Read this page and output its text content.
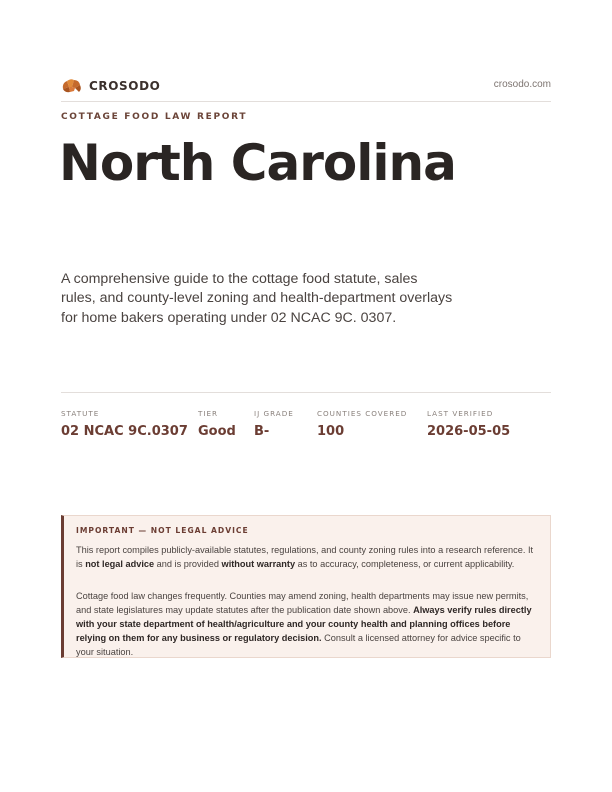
CROSODO	crosodo.com
COTTAGE FOOD LAW REPORT
North Carolina

A comprehensive guide to the cottage food statute, sales rules, and county-level zoning and health-department overlays for home bakers operating under 02 NCAC 9C. 0307.

STATUTE
02 NCAC 9C.0307
TIER
Good
IJ GRADE
B-
COUNTIES COVERED
100
LAST VERIFIED
2026-05-05
IMPORTANT — NOT LEGAL ADVICE

This report compiles publicly-available statutes, regulations, and county zoning rules into a research reference. It is not legal advice and is provided without warranty as to accuracy, completeness, or current applicability.

Cottage food law changes frequently. Counties may amend zoning, health departments may issue new permits, and state legislatures may update statutes after the publication date shown above. Always verify rules directly with your state department of health/agriculture and your county health and planning offices before relying on them for any business or regulatory decision. Consult a licensed attorney for advice specific to your situation.
